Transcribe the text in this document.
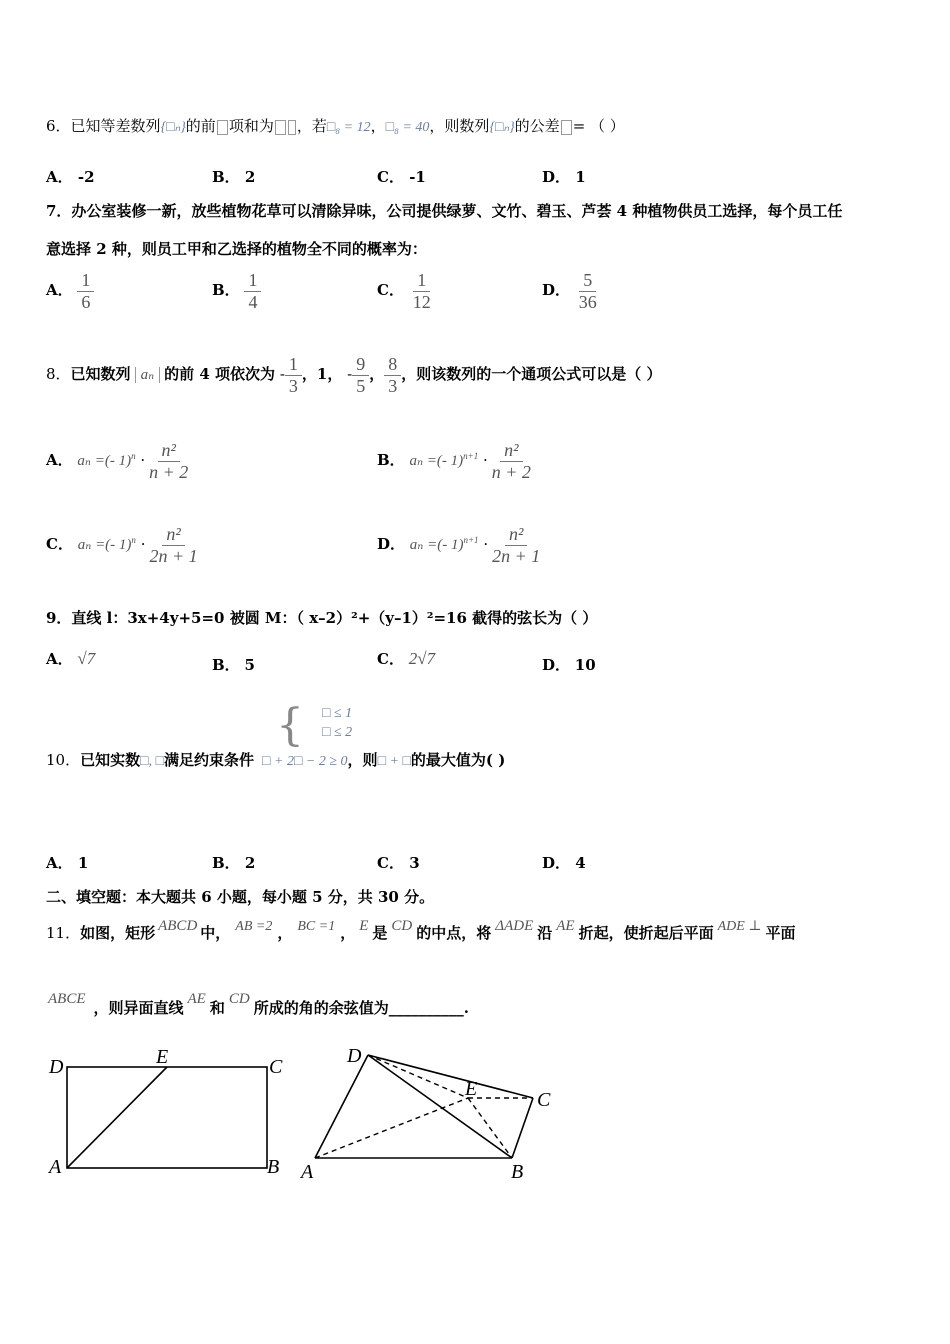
6．已知等差数列{□ₙ}的前 项和为 ，若□₈ = 12，□₈ = 40，则数列{□ₙ}的公差 = （ ）
A． -2	B． 2	C． -1	D． 1
7．办公室装修一新，放些植物花草可以清除异味，公司提供绿萝、文竹、碧玉、芦荟 4 种植物供员工选择，每个员工任
意选择 2 种，则员工甲和乙选择的植物全不同的概率为：
A． $\frac{1}{6}$	B． $\frac{1}{4}$	C． $\frac{1}{12}$	D． $\frac{5}{36}$
8．已知数列 aₙ 的前 4 项依次为 - $\frac{1}{3}$ ，1， - $\frac{9}{5}$ ， $\frac{8}{3}$ ，则该数列的一个通项公式可以是（ ）
A． aₙ =(- $1)^n \cdot \frac{\text{n²}}{n + 2}$	B． aₙ =(- $1)^{n+1} \cdot \frac{\text{n²}}{n + 2}$
C． aₙ =(- $1)^n \cdot \frac{\text{n²}}{2n + 1}$	D． aₙ =(- $1)^{n+1} \cdot \frac{\text{n²}}{2n + 1}$
9．直线 l：3x+4y+5=0 被圆 M：（ x–2）²+（y–1）²=16 截得的弦长为（ ）
A． √7	B． 5	C． 2√7	D． 10
{ □ ≤ 1
□ ≤ 2
10．已知实数□, □满足约束条件 □ + 2□ − 2 ≥ 0，则□ + □的最大值为( )
A． 1	B． 2	C． 3	D． 4
二、填空题：本大题共 6 小题，每小题 5 分，共 30 分。
11．如图，矩形 ABCD 中， AB =2 ， BC =1 ， E 是 CD 的中点，将 ΔADE 沿 AE 折起，使折起后平面 ADE ⊥ 平面
ABCE ，则异面直线 AE 和 CD 所成的角的余弦值为__________.
D	E	C
A	B
D
E	C
A	B
